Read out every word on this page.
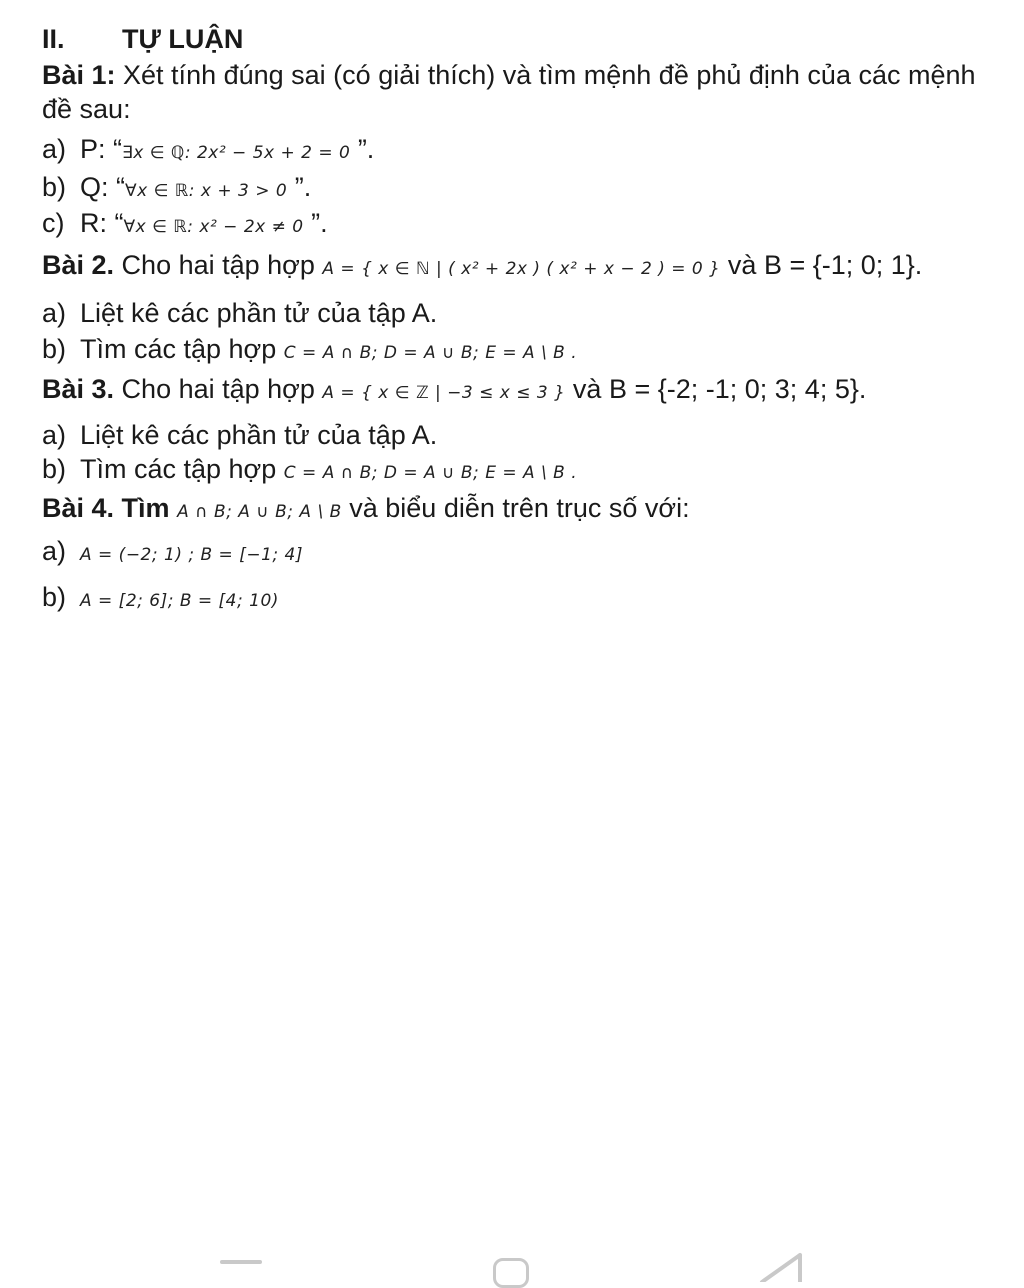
II. TỰ LUẬN
Bài 1: Xét tính đúng sai (có giải thích) và tìm mệnh đề phủ định của các mệnh đề sau:
a) P: “∃x ∈ ℚ: 2x² − 5x + 2 = 0 ”.
b) Q: “∀x ∈ ℝ: x + 3 > 0 ”.
c) R: “∀x ∈ ℝ: x² − 2x ≠ 0 ”.
Bài 2. Cho hai tập hợp A = { x ∈ ℕ | ( x² + 2x ) ( x² + x − 2 ) = 0 } và B = {-1; 0; 1}.
a) Liệt kê các phần tử của tập A.
b) Tìm các tập hợp C = A ∩ B; D = A ∪ B; E = A \ B .
Bài 3. Cho hai tập hợp A = { x ∈ ℤ | −3 ≤ x ≤ 3 } và B = {-2; -1; 0; 3; 4; 5}.
a) Liệt kê các phần tử của tập A.
b) Tìm các tập hợp C = A ∩ B; D = A ∪ B; E = A \ B .
Bài 4. Tìm A ∩ B; A ∪ B; A \ B và biểu diễn trên trục số với:
a) A = (−2; 1) ; B = [−1; 4]
b) A = [2; 6]; B = [4; 10)
